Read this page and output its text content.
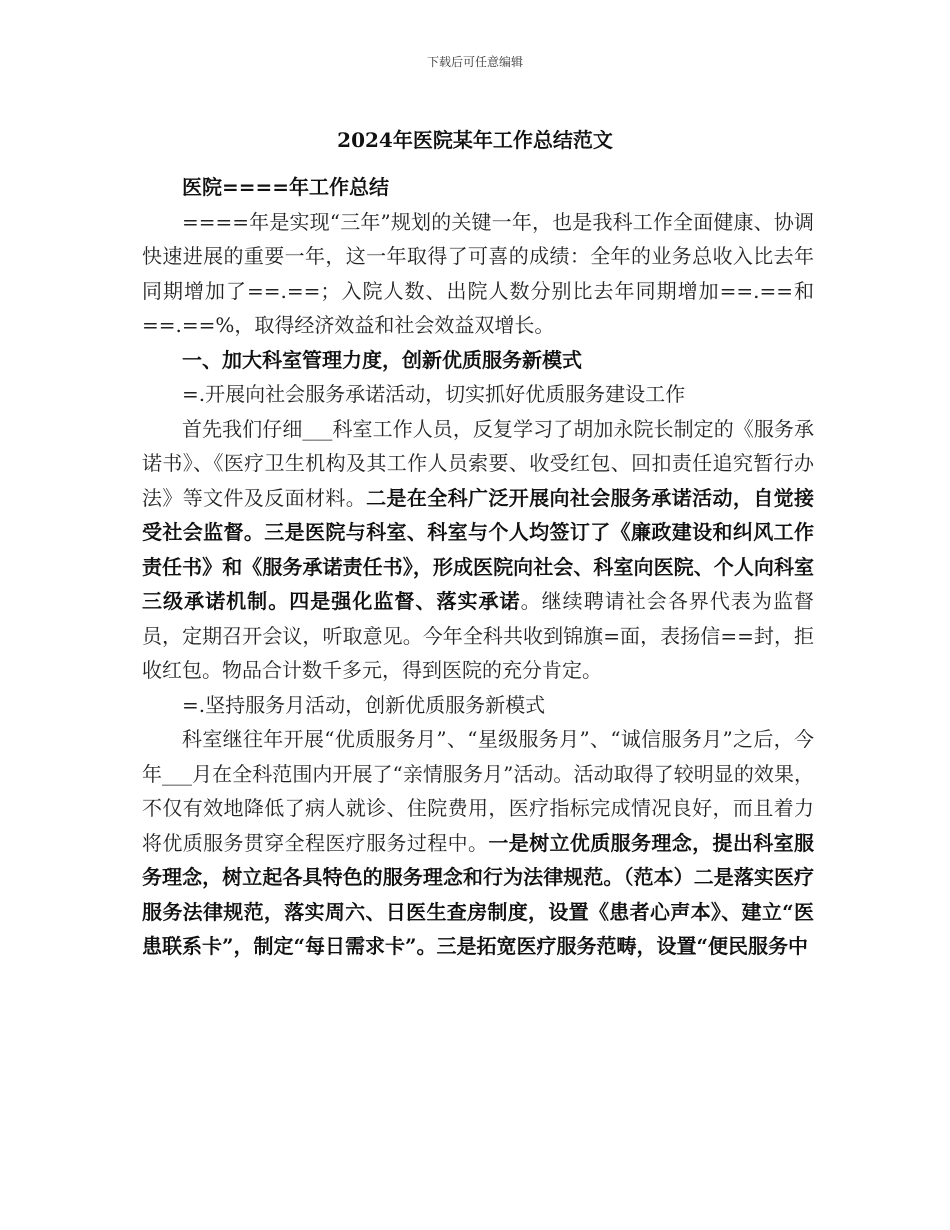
下载后可任意编辑
2024年医院某年工作总结范文

医院====年工作总结

====年是实现“三年”规划的关键一年，也是我科工作全面健康、协调快速进展的重要一年，这一年取得了可喜的成绩：全年的业务总收入比去年同期增加了==.==；入院人数、出院人数分别比去年同期增加==.==和==.==%，取得经济效益和社会效益双增长。

一、加大科室管理力度，创新优质服务新模式

=.开展向社会服务承诺活动，切实抓好优质服务建设工作

首先我们仔细___科室工作人员，反复学习了胡加永院长制定的《服务承诺书》、《医疗卫生机构及其工作人员索要、收受红包、回扣责任追究暂行办法》等文件及反面材料。二是在全科广泛开展向社会服务承诺活动，自觉接受社会监督。三是医院与科室、科室与个人均签订了《廉政建设和纠风工作责任书》和《服务承诺责任书》，形成医院向社会、科室向医院、个人向科室三级承诺机制。四是强化监督、落实承诺。继续聘请社会各界代表为监督员，定期召开会议，听取意见。今年全科共收到锦旗=面，表扬信==封，拒收红包。物品合计数千多元，得到医院的充分肯定。

=.坚持服务月活动，创新优质服务新模式

科室继往年开展“优质服务月”、“星级服务月”、“诚信服务月”之后，今年___月在全科范围内开展了“亲情服务月”活动。活动取得了较明显的效果，不仅有效地降低了病人就诊、住院费用，医疗指标完成情况良好，而且着力将优质服务贯穿全程医疗服务过程中。一是树立优质服务理念，提出科室服务理念，树立起各具特色的服务理念和行为法律规范。（范本）二是落实医疗服务法律规范，落实周六、日医生查房制度，设置《患者心声本》、建立“医患联系卡”，制定“每日需求卡”。三是拓宽医疗服务范畴，设置“便民服务中
